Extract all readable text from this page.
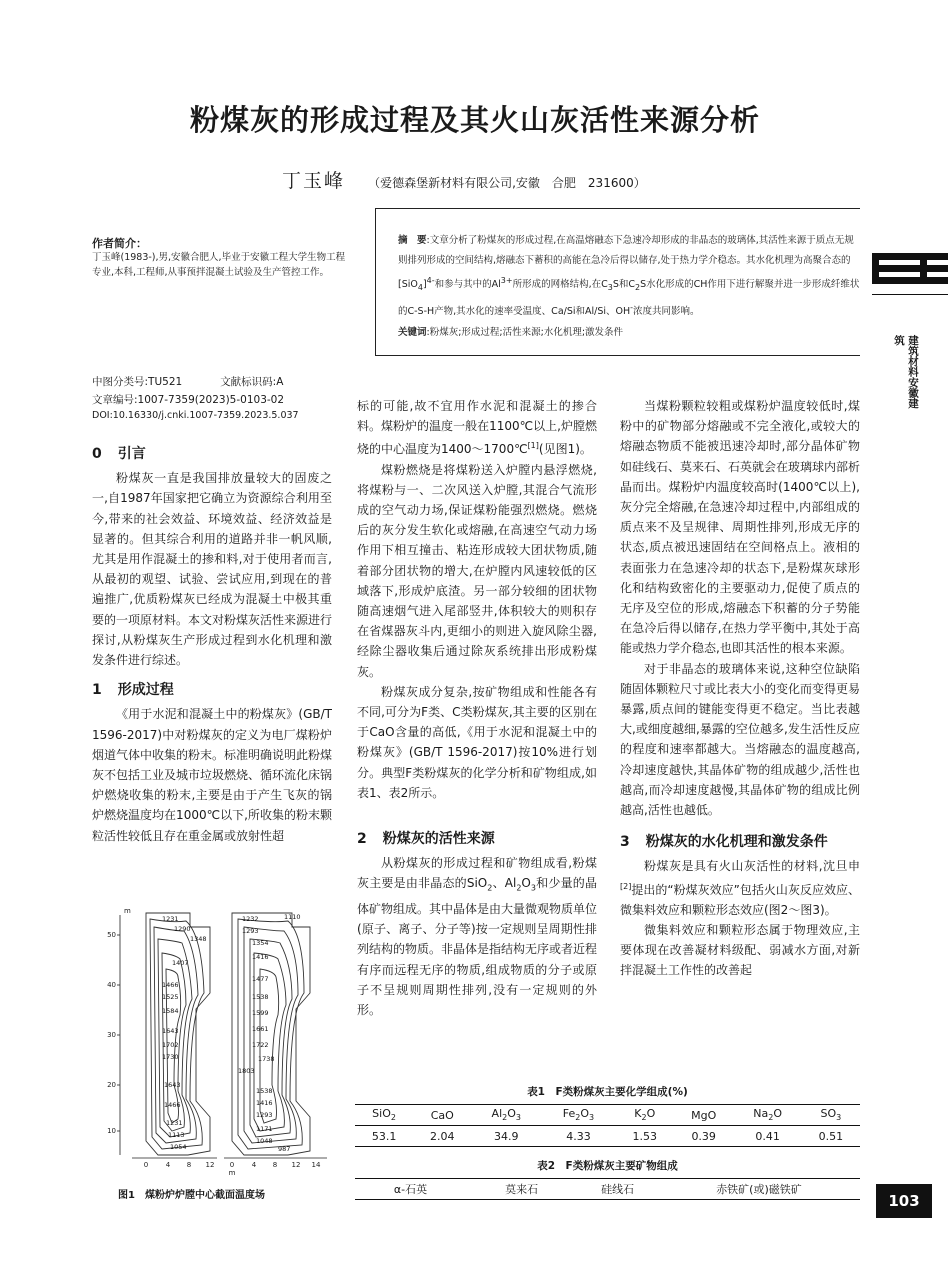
粉煤灰的形成过程及其火山灰活性来源分析
丁玉峰 （爱德森堡新材料有限公司,安徽　合肥　231600）
摘　要:文章分析了粉煤灰的形成过程,在高温熔融态下急速冷却形成的非晶态的玻璃体,其活性来源于质点无规则排列形成的空间结构,熔融态下蓄积的高能在急冷后得以储存,处于热力学介稳态。其水化机理为高聚合态的$[SiO_4]^{4-}$和参与其中的$Al^{3+}$所形成的网格结构,在$C_3S$和$C_2S$水化形成的CH作用下进行解聚并进一步形成纤维状的C-S-H产物,其水化的速率受温度、Ca/Si和Al/Si、OH-浓度共同影响。
关键词:粉煤灰;形成过程;活性来源;水化机理;激发条件
建筑材料安徽建筑
作者简介：
丁玉峰(1983-),男,安徽合肥人,毕业于安徽工程大学生物工程专业,本科,工程师,从事预拌混凝土试验及生产管控工作。
中图分类号:TU521	文献标识码:A
文章编号:1007-7359(2023)5-0103-02
DOI:10.16330/j.cnki.1007-7359.2023.5.037
0 引言

粉煤灰一直是我国排放量较大的固废之一,自1987年国家把它确立为资源综合利用至今,带来的社会效益、环境效益、经济效益是显著的。但其综合利用的道路并非一帆风顺,尤其是用作混凝土的掺和料,对于使用者而言,从最初的观望、试验、尝试应用,到现在的普遍推广,优质粉煤灰已经成为混凝土中极其重要的一项原材料。本文对粉煤灰活性来源进行探讨,从粉煤灰生产形成过程到水化机理和激发条件进行综述。

1 形成过程

《用于水泥和混凝土中的粉煤灰》(GB/T 1596-2017)中对粉煤灰的定义为电厂煤粉炉烟道气体中收集的粉末。标准明确说明此粉煤灰不包括工业及城市垃圾燃烧、循环流化床锅炉燃烧收集的粉末,主要是由于产生飞灰的锅炉燃烧温度均在1000℃以下,所收集的粉末颗粒活性较低且存在重金属或放射性超

m
50
40
30
20
10
0	4 8 12
m
0	4 8 12 14
1231
1290
1348
1407
1466
1525
1584
1643
1702
1730
1643
1466
1231
1113
1054
1232	1110
1293
1354
1416
1477
1538
1599
1661
1722
1738
1803
1538
1416
1293
1171
1048
987
图1　煤粉炉炉膛中心截面温度场

标的可能,故不宜用作水泥和混凝土的掺合料。煤粉炉的温度一般在1100℃以上,炉膛燃烧的中心温度为1400～1700℃[1](见图1)。

煤粉燃烧是将煤粉送入炉膛内悬浮燃烧,将煤粉与一、二次风送入炉膛,其混合气流形成的空气动力场,保证煤粉能强烈燃烧。燃烧后的灰分发生软化或熔融,在高速空气动力场作用下相互撞击、粘连形成较大团状物质,随着部分团状物的增大,在炉膛内风速较低的区域落下,形成炉底渣。另一部分较细的团状物随高速烟气进入尾部竖井,体积较大的则积存在省煤器灰斗内,更细小的则进入旋风除尘器,经除尘器收集后通过除灰系统排出形成粉煤灰。

粉煤灰成分复杂,按矿物组成和性能各有不同,可分为F类、C类粉煤灰,其主要的区别在于CaO含量的高低,《用于水泥和混凝土中的粉煤灰》(GB/T 1596-2017)按10%进行划分。典型F类粉煤灰的化学分析和矿物组成,如表1、表2所示。

2 粉煤灰的活性来源

从粉煤灰的形成过程和矿物组成看,粉煤灰主要是由非晶态的SiO$_2$、$Al_2O_3$和少量的晶体矿物组成。其中晶体是由大量微观物质单位(原子、离子、分子等)按一定规则呈周期性排列结构的物质。非晶体是指结构无序或者近程有序而远程无序的物质,组成物质的分子或原子不呈规则周期性排列,没有一定规则的外形。

当煤粉颗粒较粗或煤粉炉温度较低时,煤粉中的矿物部分熔融或不完全液化,或较大的熔融态物质不能被迅速冷却时,部分晶体矿物如硅线石、莫来石、石英就会在玻璃球内部析晶而出。煤粉炉内温度较高时(1400℃以上),灰分完全熔融,在急速冷却过程中,内部组成的质点来不及呈规律、周期性排列,形成无序的状态,质点被迅速固结在空间格点上。液相的表面张力在急速冷却的状态下,是粉煤灰球形化和结构致密化的主要驱动力,促使了质点的无序及空位的形成,熔融态下积蓄的分子势能在急冷后得以储存,在热力学平衡中,其处于高能或热力学介稳态,也即其活性的根本来源。

对于非晶态的玻璃体来说,这种空位缺陷随固体颗粒尺寸或比表大小的变化而变得更易暴露,质点间的键能变得更不稳定。当比表越大,或细度越细,暴露的空位越多,发生活性反应的程度和速率都越大。当熔融态的温度越高,冷却速度越快,其晶体矿物的组成越少,活性也越高,而冷却速度越慢,其晶体矿物的组成比例越高,活性也越低。

3 粉煤灰的水化机理和激发条件

粉煤灰是具有火山灰活性的材料,沈旦申[2]提出的“粉煤灰效应”包括火山灰反应效应、微集料效应和颗粒形态效应(图2～图3)。

微集料效应和颗粒形态属于物理效应,主要体现在改善凝材料级配、弱减水方面,对新拌混凝土工作性的改善起

表1　F类粉煤灰主要化学组成(%)
SiO$_2$	CaO	$Al_2O_3$	$Fe_2O_3$	$K_2O$	MgO	$Na_2O$	$SO_3$
53.1	2.04	34.9	4.33	1.53	0.39	0.41	0.51
表2　F类粉煤灰主要矿物组成
α-石英	莫来石	硅线石	赤铁矿(或)磁铁矿
103
